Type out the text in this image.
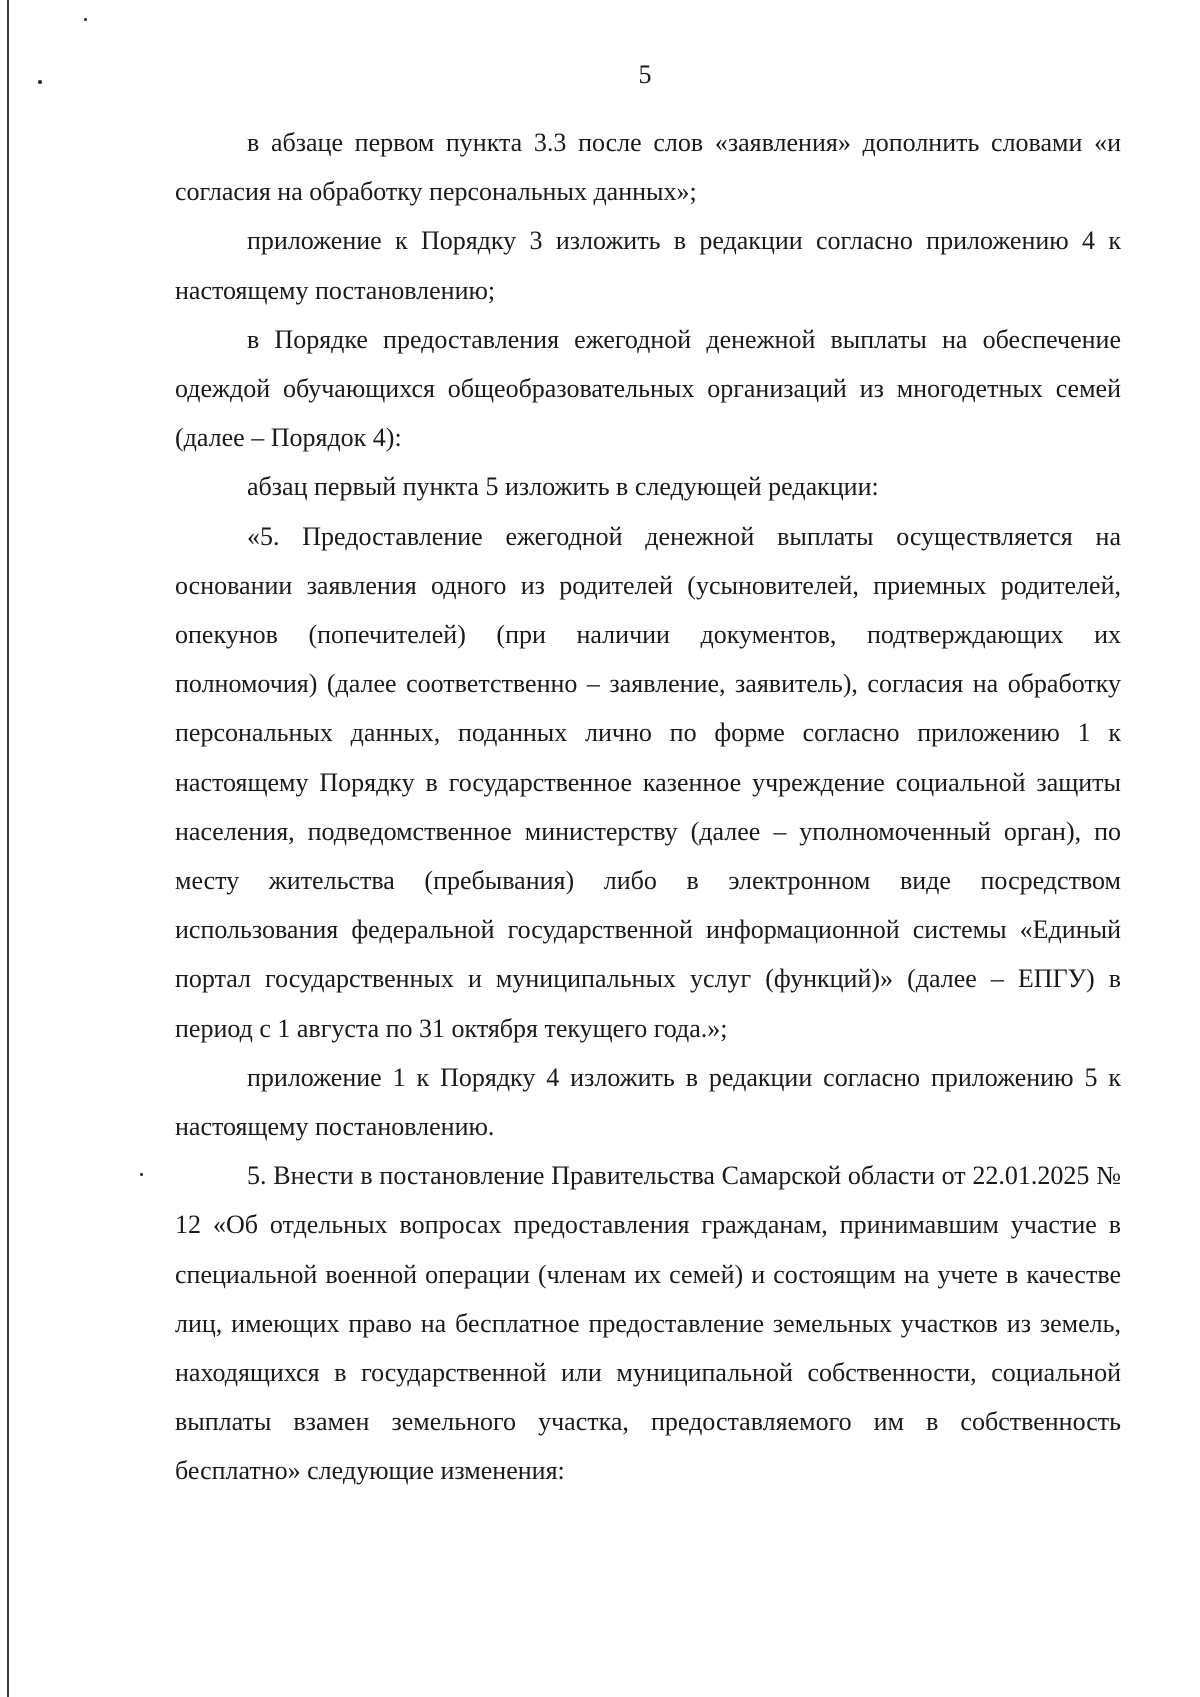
5

в абзаце первом пункта 3.3 после слов «заявления» дополнить словами «и согласия на обработку персональных данных»;

приложение к Порядку 3 изложить в редакции согласно приложению 4 к настоящему постановлению;

в Порядке предоставления ежегодной денежной выплаты на обеспечение одеждой обучающихся общеобразовательных организаций из многодетных семей (далее – Порядок 4):

абзац первый пункта 5 изложить в следующей редакции:

«5. Предоставление ежегодной денежной выплаты осуществляется на основании заявления одного из родителей (усыновителей, приемных родителей, опекунов (попечителей) (при наличии документов, подтверждающих их полномочия) (далее соответственно – заявление, заявитель), согласия на обработку персональных данных, поданных лично по форме согласно приложению 1 к настоящему Порядку в государственное казенное учреждение социальной защиты населения, подведомственное министерству (далее – уполномоченный орган), по месту жительства (пребывания) либо в электронном виде посредством использования федеральной государственной информационной системы «Единый портал государственных и муниципальных услуг (функций)» (далее – ЕПГУ) в период с 1 августа по 31 октября текущего года.»;

приложение 1 к Порядку 4 изложить в редакции согласно приложению 5 к настоящему постановлению.

5. Внести в постановление Правительства Самарской области от 22.01.2025 № 12 «Об отдельных вопросах предоставления гражданам, принимавшим участие в специальной военной операции (членам их семей) и состоящим на учете в качестве лиц, имеющих право на бесплатное предоставление земельных участков из земель, находящихся в государственной или муниципальной собственности, социальной выплаты взамен земельного участка, предоставляемого им в собственность бесплатно» следующие изменения:
